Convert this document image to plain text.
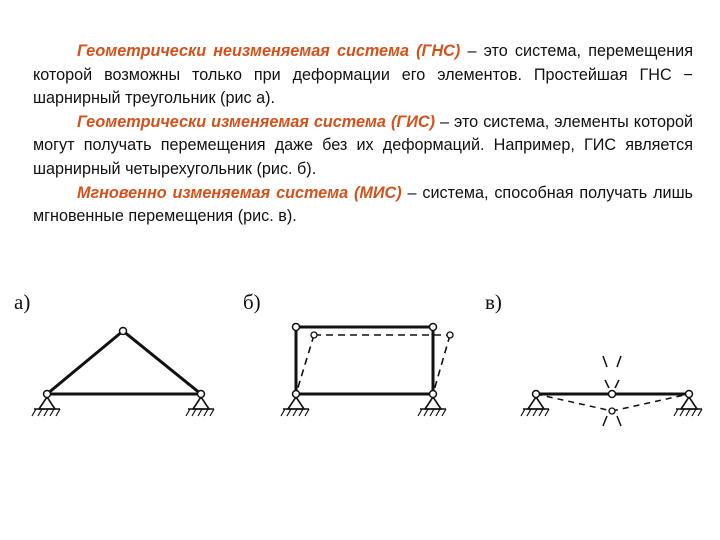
Геометрически неизменяемая система (ГНС) – это система, перемещения которой возможны только при деформации его элементов. Простейшая ГНС − шарнирный треугольник (рис а).

Геометрически изменяемая система (ГИС) – это система, элементы которой могут получать перемещения даже без их деформаций. Например, ГИС является шарнирный четырехугольник (рис. б).

Мгновенно изменяемая система (МИС) – система, способная получать лишь мгновенные перемещения (рис. в).

а)	б)	в)
